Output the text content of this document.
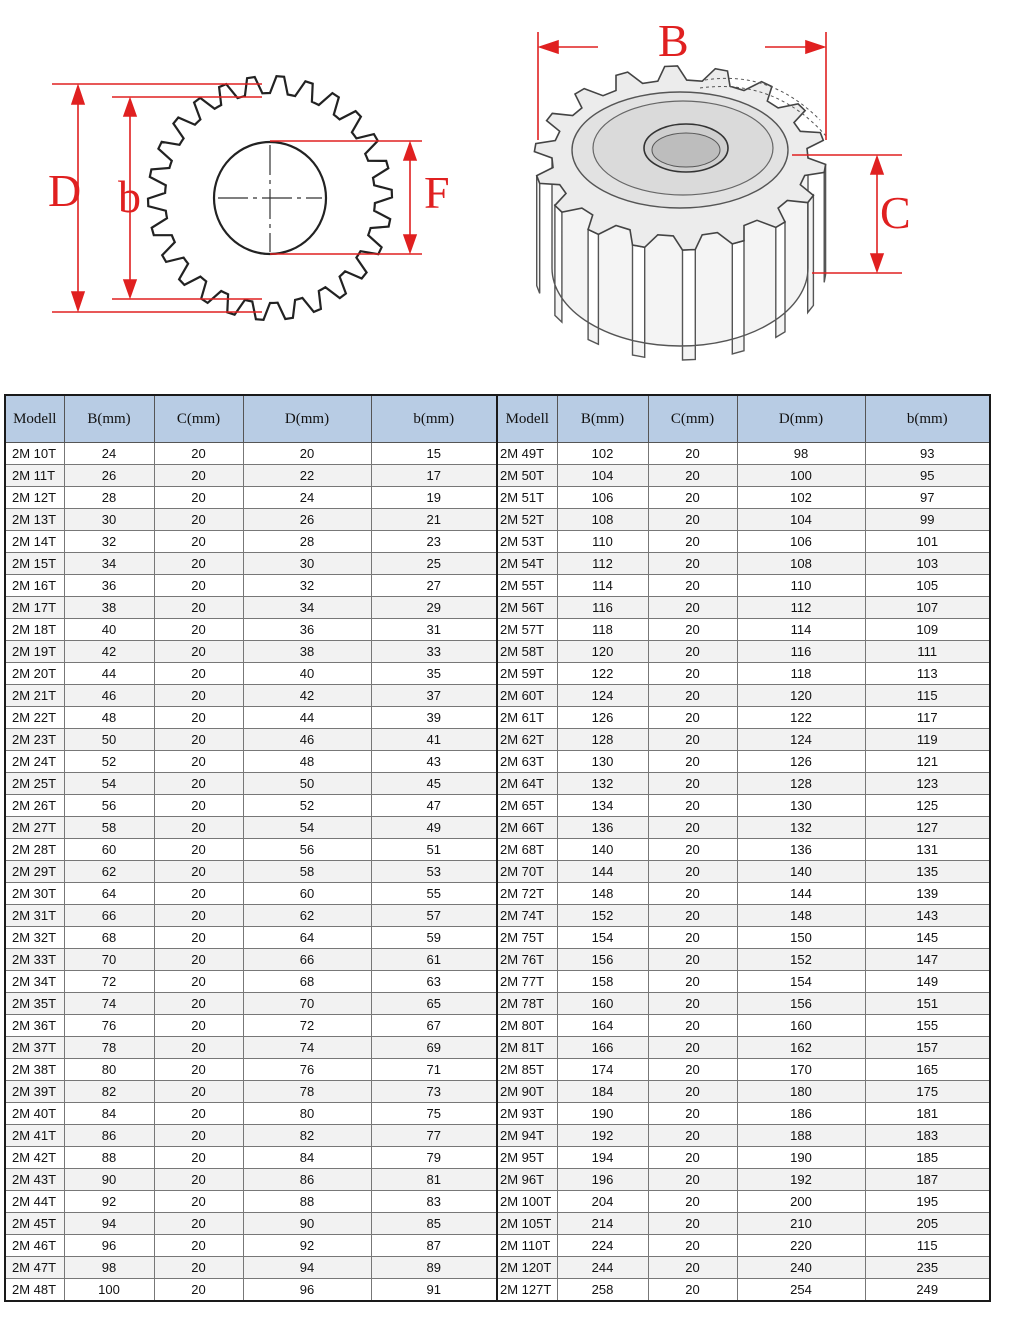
D b	F
B
C
Modell	B(mm)	C(mm)	D(mm)	b(mm)	Modell	B(mm)	C(mm)	D(mm)	b(mm)
2M 10T	24	20	20	15	2M 49T	102	20	98	93
2M 11T	26	20	22	17	2M 50T	104	20	100	95
2M 12T	28	20	24	19	2M 51T	106	20	102	97
2M 13T	30	20	26	21	2M 52T	108	20	104	99
2M 14T	32	20	28	23	2M 53T	110	20	106	101
2M 15T	34	20	30	25	2M 54T	112	20	108	103
2M 16T	36	20	32	27	2M 55T	114	20	110	105
2M 17T	38	20	34	29	2M 56T	116	20	112	107
2M 18T	40	20	36	31	2M 57T	118	20	114	109
2M 19T	42	20	38	33	2M 58T	120	20	116	111
2M 20T	44	20	40	35	2M 59T	122	20	118	113
2M 21T	46	20	42	37	2M 60T	124	20	120	115
2M 22T	48	20	44	39	2M 61T	126	20	122	117
2M 23T	50	20	46	41	2M 62T	128	20	124	119
2M 24T	52	20	48	43	2M 63T	130	20	126	121
2M 25T	54	20	50	45	2M 64T	132	20	128	123
2M 26T	56	20	52	47	2M 65T	134	20	130	125
2M 27T	58	20	54	49	2M 66T	136	20	132	127
2M 28T	60	20	56	51	2M 68T	140	20	136	131
2M 29T	62	20	58	53	2M 70T	144	20	140	135
2M 30T	64	20	60	55	2M 72T	148	20	144	139
2M 31T	66	20	62	57	2M 74T	152	20	148	143
2M 32T	68	20	64	59	2M 75T	154	20	150	145
2M 33T	70	20	66	61	2M 76T	156	20	152	147
2M 34T	72	20	68	63	2M 77T	158	20	154	149
2M 35T	74	20	70	65	2M 78T	160	20	156	151
2M 36T	76	20	72	67	2M 80T	164	20	160	155
2M 37T	78	20	74	69	2M 81T	166	20	162	157
2M 38T	80	20	76	71	2M 85T	174	20	170	165
2M 39T	82	20	78	73	2M 90T	184	20	180	175
2M 40T	84	20	80	75	2M 93T	190	20	186	181
2M 41T	86	20	82	77	2M 94T	192	20	188	183
2M 42T	88	20	84	79	2M 95T	194	20	190	185
2M 43T	90	20	86	81	2M 96T	196	20	192	187
2M 44T	92	20	88	83	2M 100T	204	20	200	195
2M 45T	94	20	90	85	2M 105T	214	20	210	205
2M 46T	96	20	92	87	2M 110T	224	20	220	115
2M 47T	98	20	94	89	2M 120T	244	20	240	235
2M 48T	100	20	96	91	2M 127T	258	20	254	249
